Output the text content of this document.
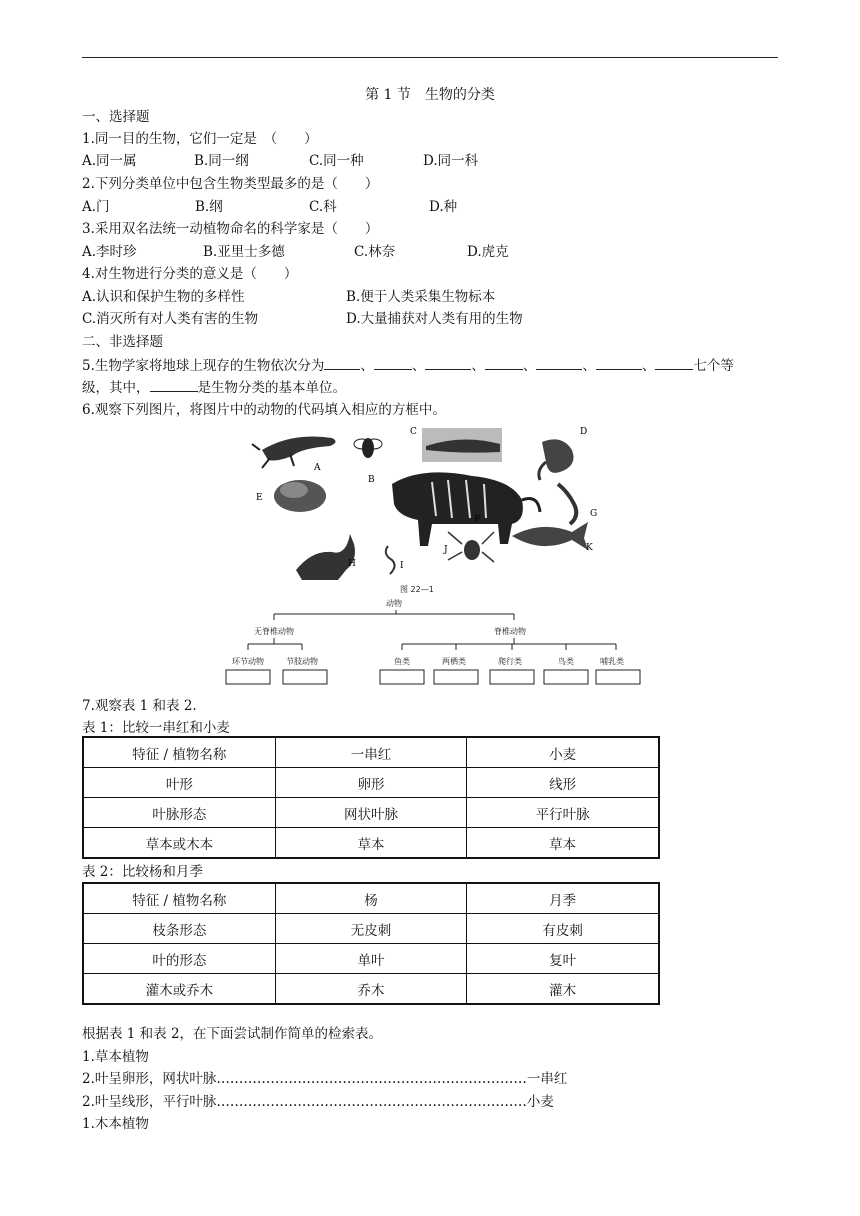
第 1 节　生物的分类
一、选择题
1.同一目的生物，它们一定是　（　　）
A.同一属	B.同一纲	C.同一种	D.同一科
2.下列分类单位中包含生物类型最多的是（　　）
A.门	B.纲	C.科	D.种
3.采用双名法统一动植物命名的科学家是（　　）
A.李时珍	B.亚里士多德	C.林奈	D.虎克
4.对生物进行分类的意义是（　　）
A.认识和保护生物的多样性	B.便于人类采集生物标本
C.消灭所有对人类有害的生物	D.大量捕获对人类有用的生物
二、非选择题
5.生物学家将地球上现存的生物依次分为	、	、	、	、	、	、	七个等
级，其中，	是生物分类的基本单位。
6.观察下列图片，将图片中的动物的代码填入相应的方框中。
A
B
C	D
E
F
G
H	I
J	K
图 22—1
动物
无脊椎动物	脊椎动物
环节动物	节肢动物	鱼类	两栖类	爬行类	鸟类	哺乳类
7.观察表 1 和表 2.
表 1：比较一串红和小麦
特征 / 植物名称	一串红	小麦
叶形	卵形	线形
叶脉形态	网状叶脉	平行叶脉
草本或木本	草本	草本
表 2：比较杨和月季
特征 / 植物名称	杨	月季
枝条形态	无皮刺	有皮刺
叶的形态	单叶	复叶
灌木或乔木	乔木	灌木
根据表 1 和表 2，在下面尝试制作简单的检索表。
1.草本植物
2.叶呈卵形，网状叶脉……………………………………………………………一串红
2.叶呈线形，平行叶脉……………………………………………………………小麦
1.木本植物
